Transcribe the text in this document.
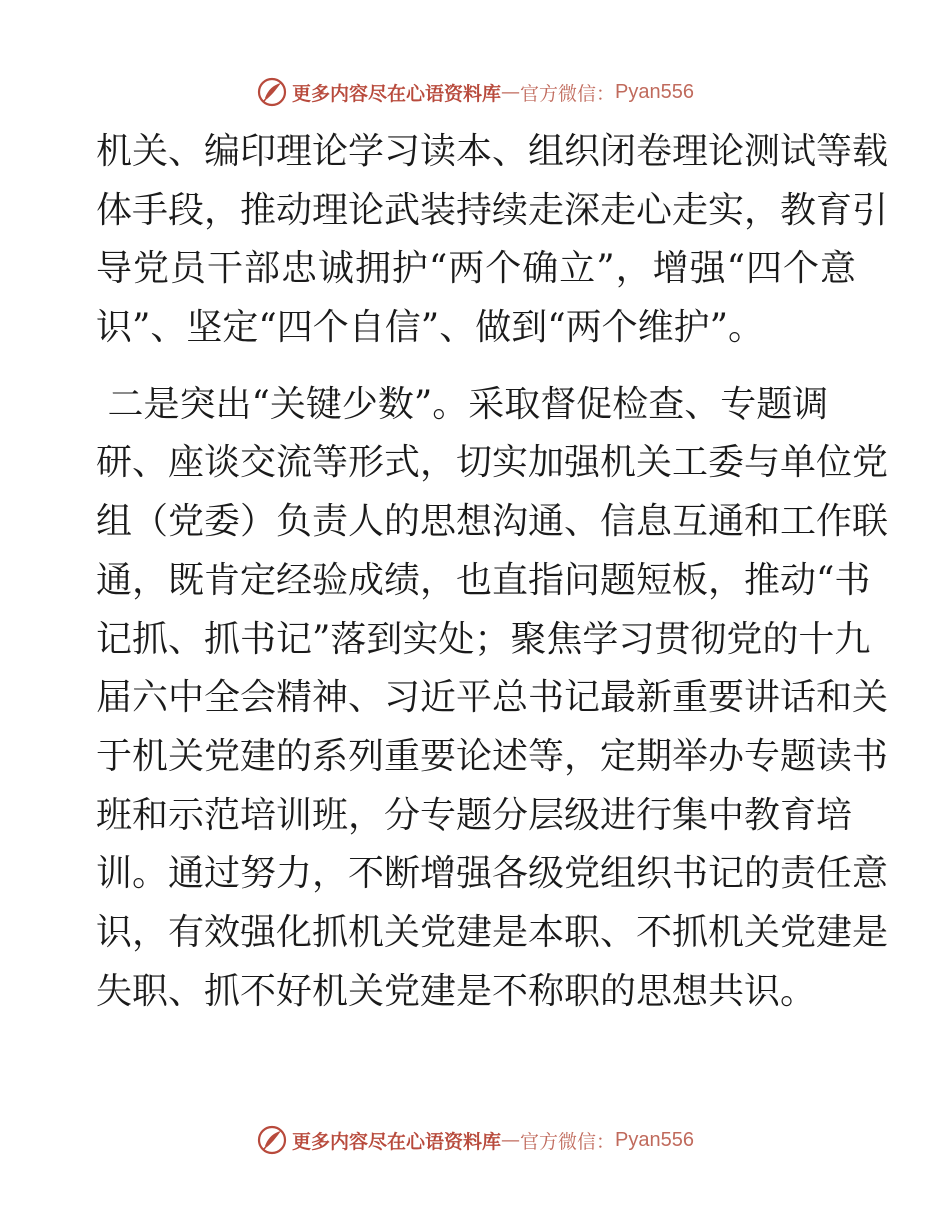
更多内容尽在心语资料库 — 官方微信： Pyan556
机关、编印理论学习读本、组织闭卷理论测试等载
体手段，推动理论武装持续走深走心走实，教育引
导党员干部忠诚拥护“两个确立”，增强“四个意
识”、坚定“四个自信”、做到“两个维护”。
二是突出“关键少数”。采取督促检查、专题调
研、座谈交流等形式，切实加强机关工委与单位党
组（党委）负责人的思想沟通、信息互通和工作联
通，既肯定经验成绩，也直指问题短板，推动“书
记抓、抓书记”落到实处；聚焦学习贯彻党的十九
届六中全会精神、习近平总书记最新重要讲话和关
于机关党建的系列重要论述等，定期举办专题读书
班和示范培训班，分专题分层级进行集中教育培
训。通过努力，不断增强各级党组织书记的责任意
识，有效强化抓机关党建是本职、不抓机关党建是
失职、抓不好机关党建是不称职的思想共识。
更多内容尽在心语资料库 — 官方微信： Pyan556
